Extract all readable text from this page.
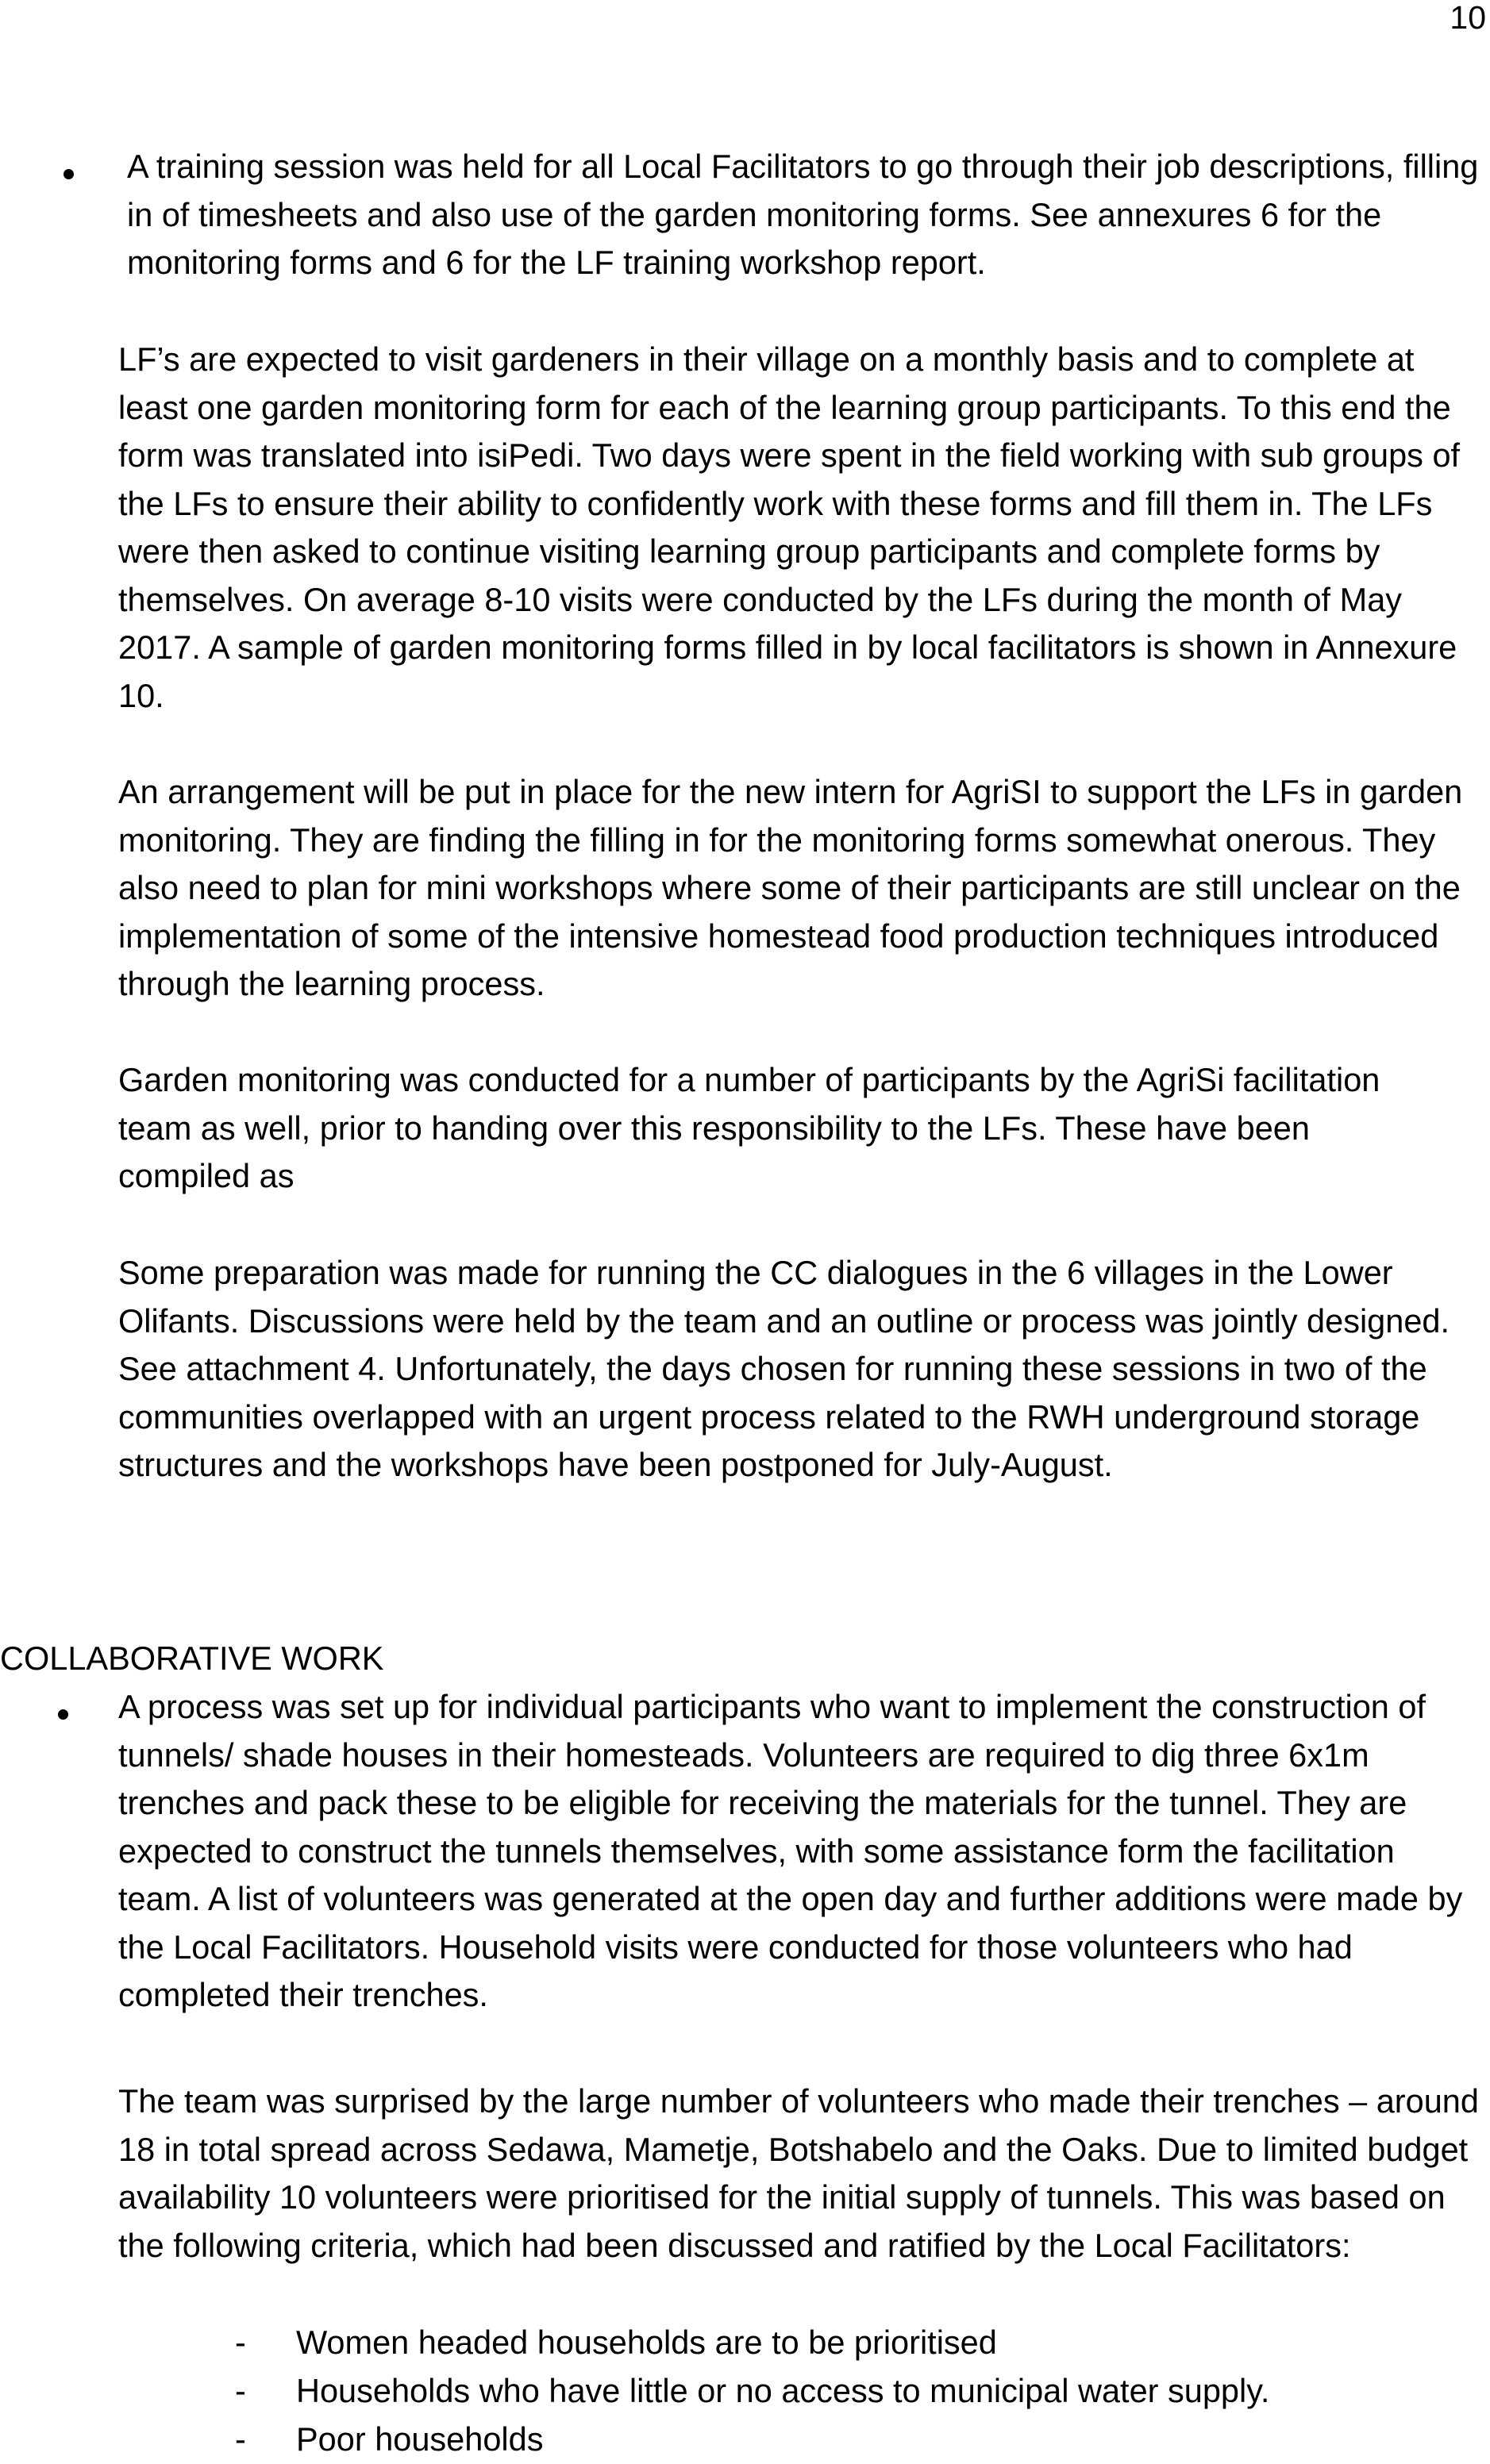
10

A training session was held for all Local Facilitators to go through their job descriptions, filling in of timesheets and also use of the garden monitoring forms. See annexures 6 for the monitoring forms and 6 for the LF training workshop report.

LF’s are expected to visit gardeners in their village on a monthly basis and to complete at least one garden monitoring form for each of the learning group participants. To this end the form was translated into isiPedi. Two days were spent in the field working with sub groups of the LFs to ensure their ability to confidently work with these forms and fill them in. The LFs were then asked to continue visiting learning group participants and complete forms by themselves. On average 8-10 visits were conducted by the LFs during the month of May 2017. A sample of garden monitoring forms filled in by local facilitators is shown in Annexure 10.

An arrangement will be put in place for the new intern for AgriSI to support the LFs in garden monitoring. They are finding the filling in for the monitoring forms somewhat onerous. They also need to plan for mini workshops where some of their participants are still unclear on the implementation of some of the intensive homestead food production techniques introduced through the learning process.

Garden monitoring was conducted for a number of participants by the AgriSi facilitation team as well, prior to handing over this responsibility to the LFs. These have been compiled as

Some preparation was made for running the CC dialogues in the 6 villages in the Lower Olifants. Discussions were held by the team and an outline or process was jointly designed. See attachment 4. Unfortunately, the days chosen for running these sessions in two of the communities overlapped with an urgent process related to the RWH underground storage structures and the workshops have been postponed for July-August.

COLLABORATIVE WORK

A process was set up for individual participants who want to implement the construction of tunnels/ shade houses in their homesteads. Volunteers are required to dig three 6x1m trenches and pack these to be eligible for receiving the materials for the tunnel. They are expected to construct the tunnels themselves, with some assistance form the facilitation team. A list of volunteers was generated at the open day and further additions were made by the Local Facilitators. Household visits were conducted for those volunteers who had completed their trenches.

The team was surprised by the large number of volunteers who made their trenches – around 18 in total spread across Sedawa, Mametje, Botshabelo and the Oaks. Due to limited budget availability 10 volunteers were prioritised for the initial supply of tunnels. This was based on the following criteria, which had been discussed and ratified by the Local Facilitators:

- Women headed households are to be prioritised
- Households who have little or no access to municipal water supply.
- Poor households
